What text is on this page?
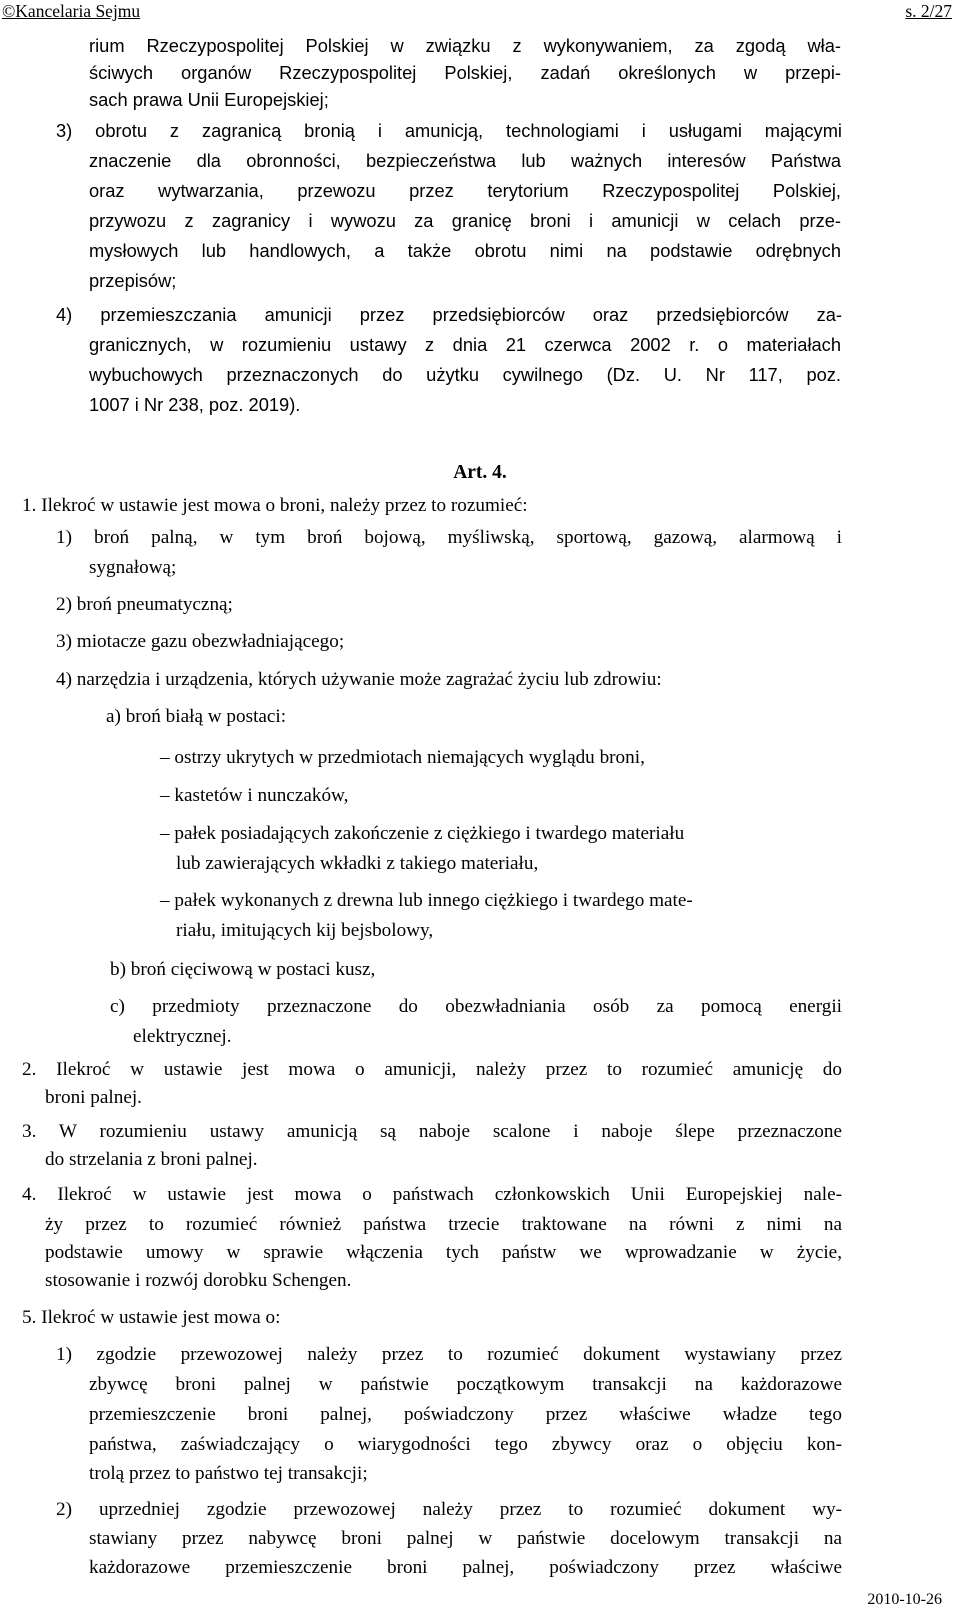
©Kancelaria Sejmu	s. 2/27
rium Rzeczypospolitej Polskiej w związku z wykonywaniem, za zgodą wła-
ściwych organów Rzeczypospolitej Polskiej, zadań określonych w przepi-
sach prawa Unii Europejskiej;
3) obrotu z zagranicą bronią i amunicją, technologiami i usługami mającymi
znaczenie dla obronności, bezpieczeństwa lub ważnych interesów Państwa
oraz wytwarzania, przewozu przez terytorium Rzeczypospolitej Polskiej,
przywozu z zagranicy i wywozu za granicę broni i amunicji w celach prze-
mysłowych lub handlowych, a także obrotu nimi na podstawie odrębnych
przepisów;
4) przemieszczania amunicji przez przedsiębiorców oraz przedsiębiorców za-
granicznych, w rozumieniu ustawy z dnia 21 czerwca 2002 r. o materiałach
wybuchowych przeznaczonych do użytku cywilnego (Dz. U. Nr 117, poz.
1007 i Nr 238, poz. 2019).
Art. 4.
1. Ilekroć w ustawie jest mowa o broni, należy przez to rozumieć:
1) broń palną, w tym broń bojową, myśliwską, sportową, gazową, alarmową i
sygnałową;
2) broń pneumatyczną;
3) miotacze gazu obezwładniającego;
4) narzędzia i urządzenia, których używanie może zagrażać życiu lub zdrowiu:
a) broń białą w postaci:
– ostrzy ukrytych w przedmiotach niemających wyglądu broni,
– kastetów i nunczaków,
– pałek posiadających zakończenie z ciężkiego i twardego materiału
lub zawierających wkładki z takiego materiału,
– pałek wykonanych z drewna lub innego ciężkiego i twardego mate-
riału, imitujących kij bejsbolowy,
b) broń cięciwową w postaci kusz,
c) przedmioty przeznaczone do obezwładniania osób za pomocą energii
elektrycznej.
2. Ilekroć w ustawie jest mowa o amunicji, należy przez to rozumieć amunicję do
broni palnej.
3. W rozumieniu ustawy amunicją są naboje scalone i naboje ślepe przeznaczone
do strzelania z broni palnej.
4. Ilekroć w ustawie jest mowa o państwach członkowskich Unii Europejskiej nale-
ży przez to rozumieć również państwa trzecie traktowane na równi z nimi na
podstawie umowy w sprawie włączenia tych państw we wprowadzanie w życie,
stosowanie i rozwój dorobku Schengen.
5. Ilekroć w ustawie jest mowa o:
1) zgodzie przewozowej należy przez to rozumieć dokument wystawiany przez
zbywcę broni palnej w państwie początkowym transakcji na każdorazowe
przemieszczenie broni palnej, poświadczony przez właściwe władze tego
państwa, zaświadczający o wiarygodności tego zbywcy oraz o objęciu kon-
trolą przez to państwo tej transakcji;
2) uprzedniej zgodzie przewozowej należy przez to rozumieć dokument wy-
stawiany przez nabywcę broni palnej w państwie docelowym transakcji na
każdorazowe przemieszczenie broni palnej, poświadczony przez właściwe
2010-10-26
